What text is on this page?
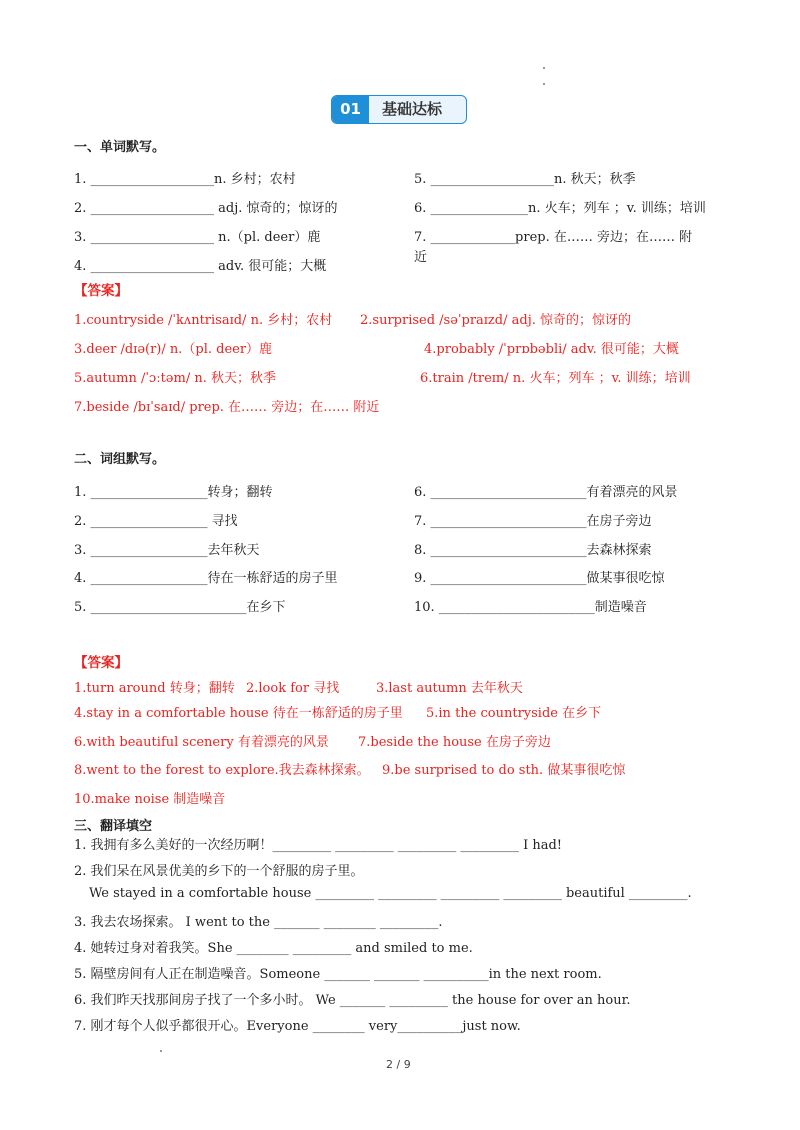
01	基础达标
一、单词默写。
1. ___________________n. 乡村；农村
2. ___________________ adj. 惊奇的；惊讶的
3. ___________________ n.（pl. deer）鹿
4. ___________________ adv. 很可能；大概
5. ___________________n. 秋天；秋季
6. _______________n. 火车；列车 ；v. 训练；培训
7. _____________prep. 在…… 旁边；在…… 附
近
【答案】
1.countryside /ˈkʌntrisaɪd/ n. 乡村；农村 2.surprised /səˈpraɪzd/ adj. 惊奇的；惊讶的
3.deer /dɪə(r)/ n.（pl. deer）鹿	4.probably /ˈprɒbəbli/ adv. 很可能；大概
5.autumn /ˈɔːtəm/ n. 秋天；秋季	6.train /treɪn/ n. 火车；列车 ；v. 训练；培训
7.beside /bɪˈsaɪd/ prep. 在…… 旁边；在…… 附近
二、词组默写。
1. __________________转身；翻转
2. __________________ 寻找
3. __________________去年秋天
4. __________________待在一栋舒适的房子里
5. ________________________在乡下
6. ________________________有着漂亮的风景
7. ________________________在房子旁边
8. ________________________去森林探索
9. ________________________做某事很吃惊
10. ________________________制造噪音
【答案】
1.turn around 转身；翻转 2.look for 寻找	3.last autumn 去年秋天
4.stay in a comfortable house 待在一栋舒适的房子里 5.in the countryside 在乡下
6.with beautiful scenery 有着漂亮的风景 7.beside the house 在房子旁边
8.went to the forest to explore.我去森林探索。 9.be surprised to do sth. 做某事很吃惊
10.make noise 制造噪音
三、翻译填空
1. 我拥有多么美好的一次经历啊！_________ _________ _________ _________ I had!
2. 我们呆在风景优美的乡下的一个舒服的房子里。
We stayed in a comfortable house _________ _________ _________ _________ beautiful _________.
3. 我去农场探索。 I went to the _______ ________ _________.
4. 她转过身对着我笑。She ________ _________ and smiled to me.
5. 隔壁房间有人正在制造噪音。Someone _______ _______ __________in the next room.
6. 我们昨天找那间房子找了一个多小时。 We _______ _________ the house for over an hour.
7. 刚才每个人似乎都很开心。Everyone ________ very__________just now.
2 / 9
